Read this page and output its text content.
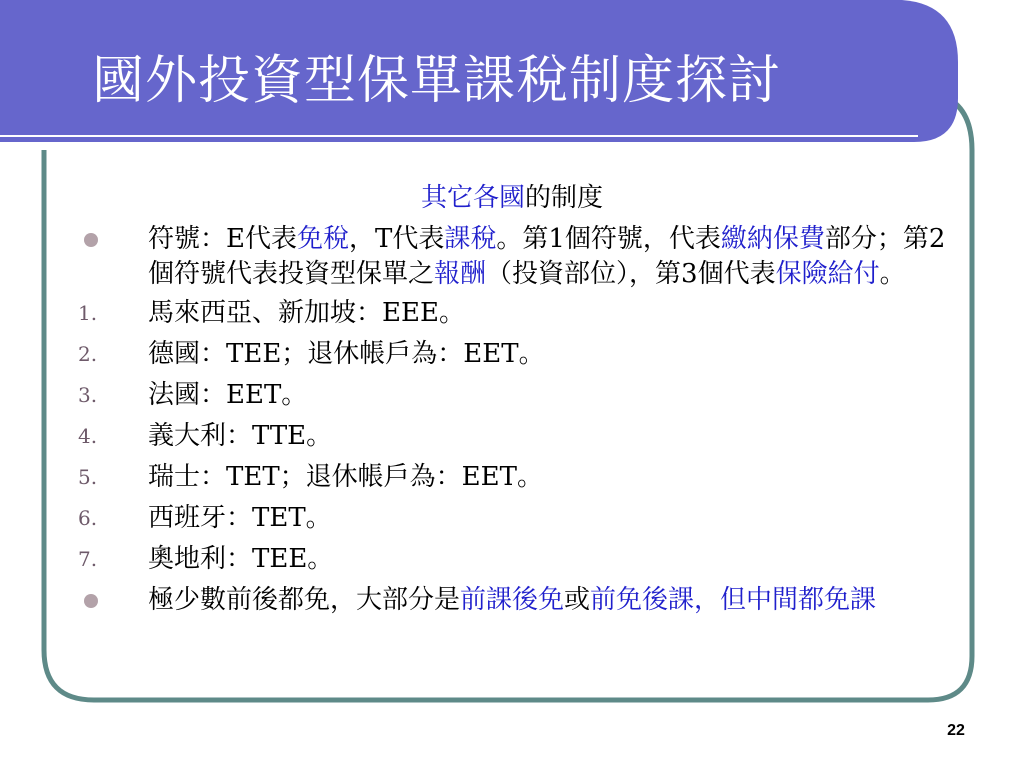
國外投資型保單課稅制度探討
其它各國的制度
符號：E代表免稅，T代表課稅。第1個符號，代表繳納保費部分；第2個符號代表投資型保單之報酬（投資部位），第3個代表保險給付。
1.	馬來西亞、新加坡：EEE。
2.	德國：TEE；退休帳戶為：EET。
3.	法國：EET。
4.	義大利：TTE。
5.	瑞士：TET；退休帳戶為：EET。
6.	西班牙：TET。
7.	奧地利：TEE。
極少數前後都免，大部分是前課後免或前免後課，但中間都免課
22
